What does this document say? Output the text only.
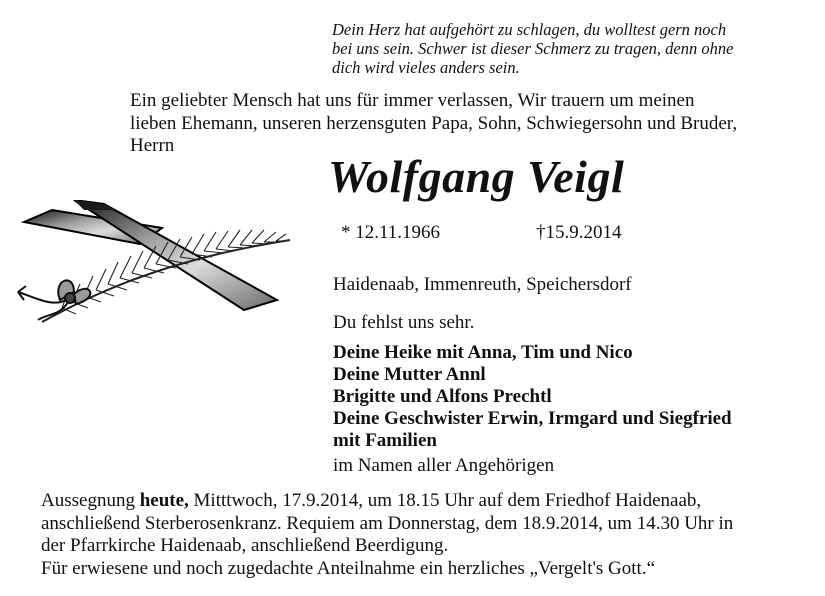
Dein Herz hat aufgehört zu schlagen, du wolltest gern noch
bei uns sein. Schwer ist dieser Schmerz zu tragen, denn ohne
dich wird vieles anders sein.
Ein geliebter Mensch hat uns für immer verlassen, Wir trauern um meinen
lieben Ehemann, unseren herzensguten Papa, Sohn, Schwiegersohn und Bruder,
Herrn
Wolfgang Veigl
* 12.11.1966	†15.9.2014
Haidenaab, Immenreuth, Speichersdorf
Du fehlst uns sehr.
Deine Heike mit Anna, Tim und Nico
Deine Mutter Annl
Brigitte und Alfons Prechtl
Deine Geschwister Erwin, Irmgard und Siegfried
mit Familien
im Namen aller Angehörigen
Aussegnung heute, Mitttwoch, 17.9.2014, um 18.15 Uhr auf dem Friedhof Haidenaab,
anschließend Sterberosenkranz. Requiem am Donnerstag, dem 18.9.2014, um 14.30 Uhr in
der Pfarrkirche Haidenaab, anschließend Beerdigung.
Für erwiesene und noch zugedachte Anteilnahme ein herzliches „Vergelt's Gott.“
